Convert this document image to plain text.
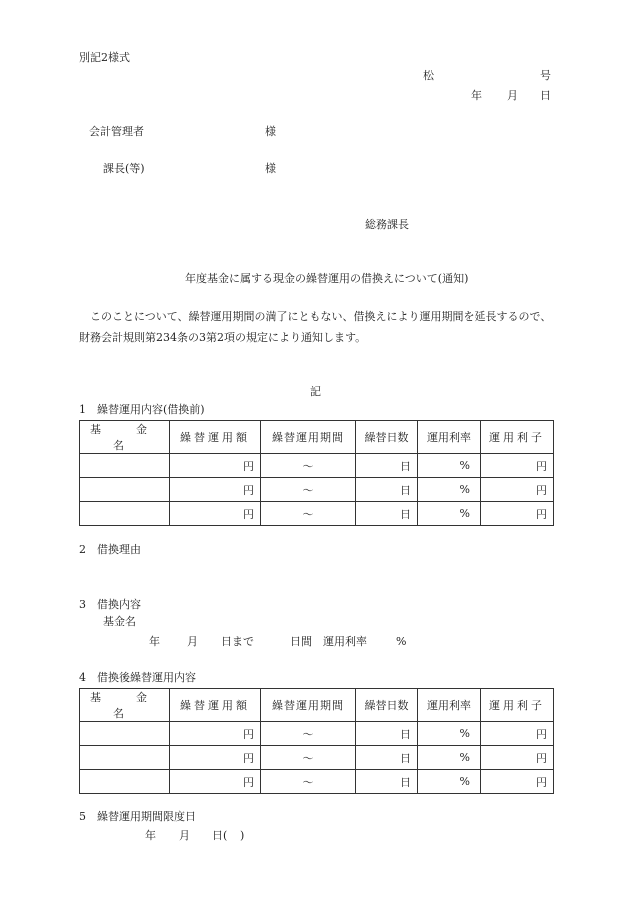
別記2様式
松	号
年 月 日
会計管理者	様
課長(等)	様
総務課長
年度基金に属する現金の繰替運用の借換えについて(通知)
このことについて、繰替運用期間の満了にともない、借換えにより運用期間を延長するので、財務会計規則第234条の3第2項の規定により通知します。
記
1　繰替運用内容(借換前)
基　金　名	繰替運用額	繰替運用期間	繰替日数	運用利率	運用利子
	円	～	日	%	円
	円	～	日	%	円
	円	～	日	%	円
2　借換理由
3　借換内容
基金名
年 月 日まで	日間 運用利率	%
4　借換後繰替運用内容
基　金　名	繰替運用額	繰替運用期間	繰替日数	運用利率	運用利子
	円	～	日	%	円
	円	～	日	%	円
	円	～	日	%	円
5　繰替運用期間限度日
年 月 日( )
